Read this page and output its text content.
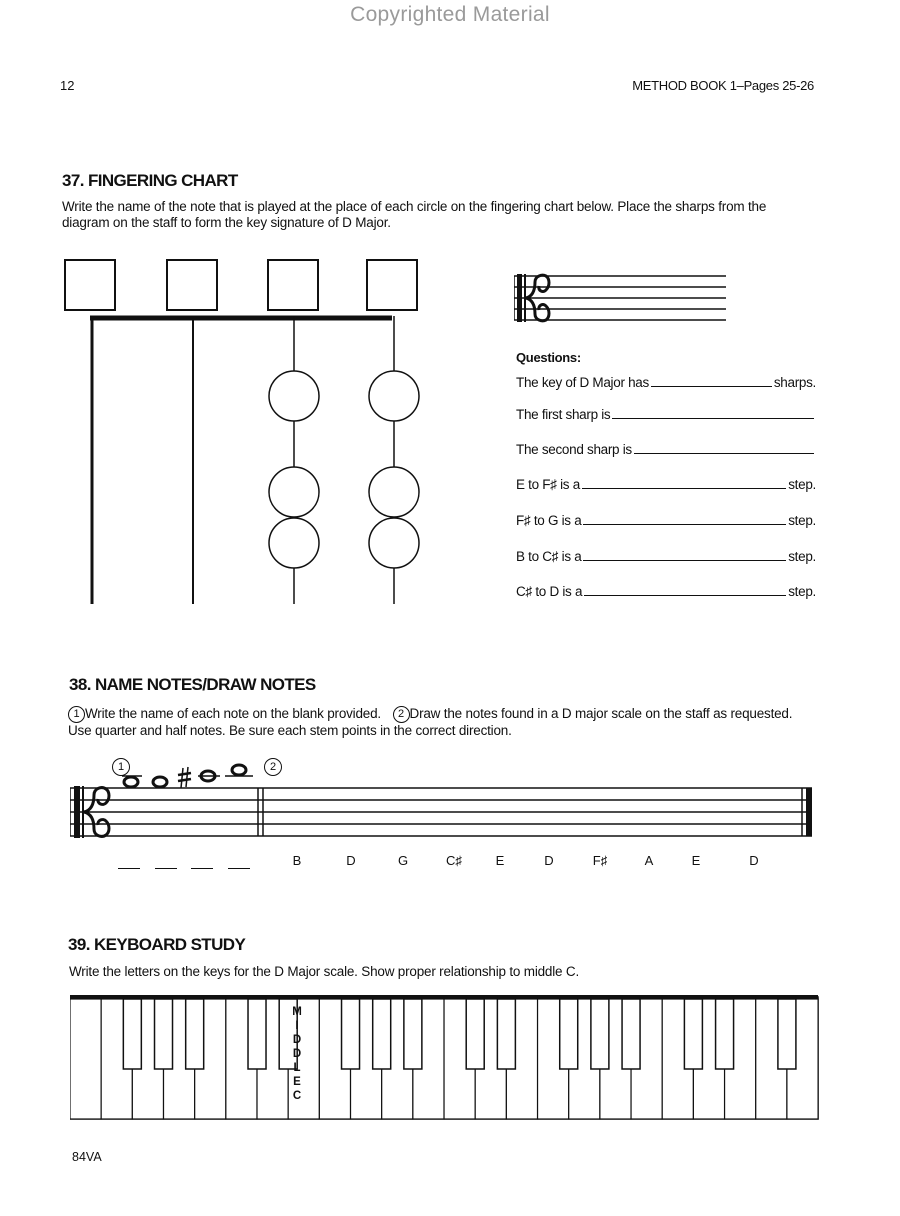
Copyrighted Material
12	METHOD BOOK 1–Pages 25-26
37. FINGERING CHART
Write the name of the note that is played at the place of each circle on the fingering chart below. Place the sharps from the diagram on the staff to form the key signature of D Major.
Questions:
The key of D Major has	sharps.
The first sharp is
The second sharp is
E to F♯ is a	step.
F♯ to G is a	step.
B to C♯ is a	step.
C♯ to D is a	step.
38. NAME NOTES/DRAW NOTES
1 Write the name of each note on the blank provided. 2 Draw the notes found in a D major scale on the staff as requested. Use quarter and half notes. Be sure each stem points in the correct direction.
1	2
B	D	G	C♯	E	D	F♯	A	E	D
39. KEYBOARD STUDY
Write the letters on the keys for the D Major scale. Show proper relationship to middle C.
M
I
D
D
L
E
C
84VA
